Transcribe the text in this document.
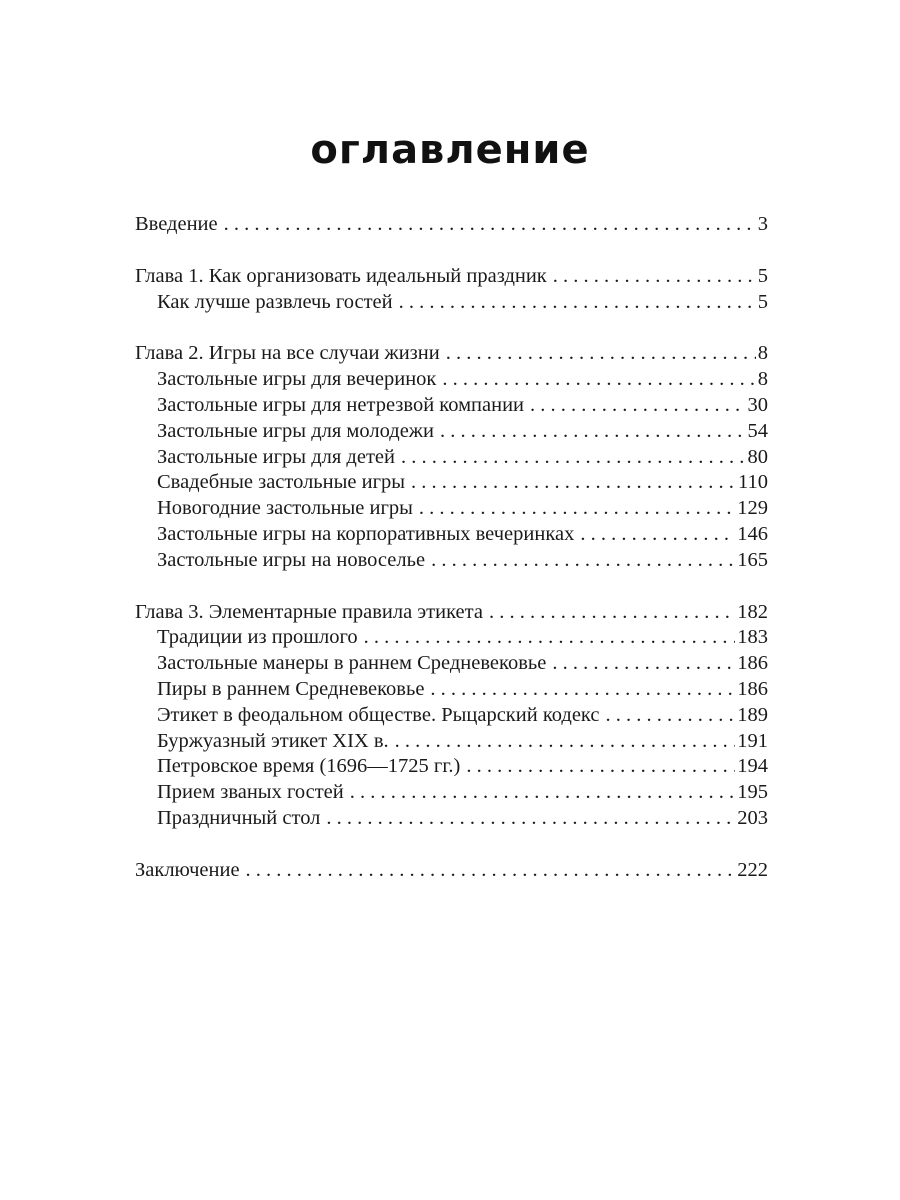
оглавление
Введение . . .	3
Глава 1. Как организовать идеальный праздник . . .	5
Как лучше развлечь гостей . . .	5
Глава 2. Игры на все случаи жизни . . .	8
Застольные игры для вечеринок . . .	8
Застольные игры для нетрезвой компании . . .	30
Застольные игры для молодежи . . .	54
Застольные игры для детей . . .	80
Свадебные застольные игры . . .	110
Новогодние застольные игры . . .	129
Застольные игры на корпоративных вечеринках . . .	146
Застольные игры на новоселье . . .	165
Глава 3. Элементарные правила этикета . . .	182
Традиции из прошлого . . .	183
Застольные манеры в раннем Средневековье . . .	186
Пиры в раннем Средневековье . . .	186
Этикет в феодальном обществе. Рыцарский кодекс . . .	189
Буржуазный этикет XIX в. . . .	191
Петровское время (1696—1725 гг.) . . .	194
Прием званых гостей . . .	195
Праздничный стол . . .	203
Заключение . . .	222
